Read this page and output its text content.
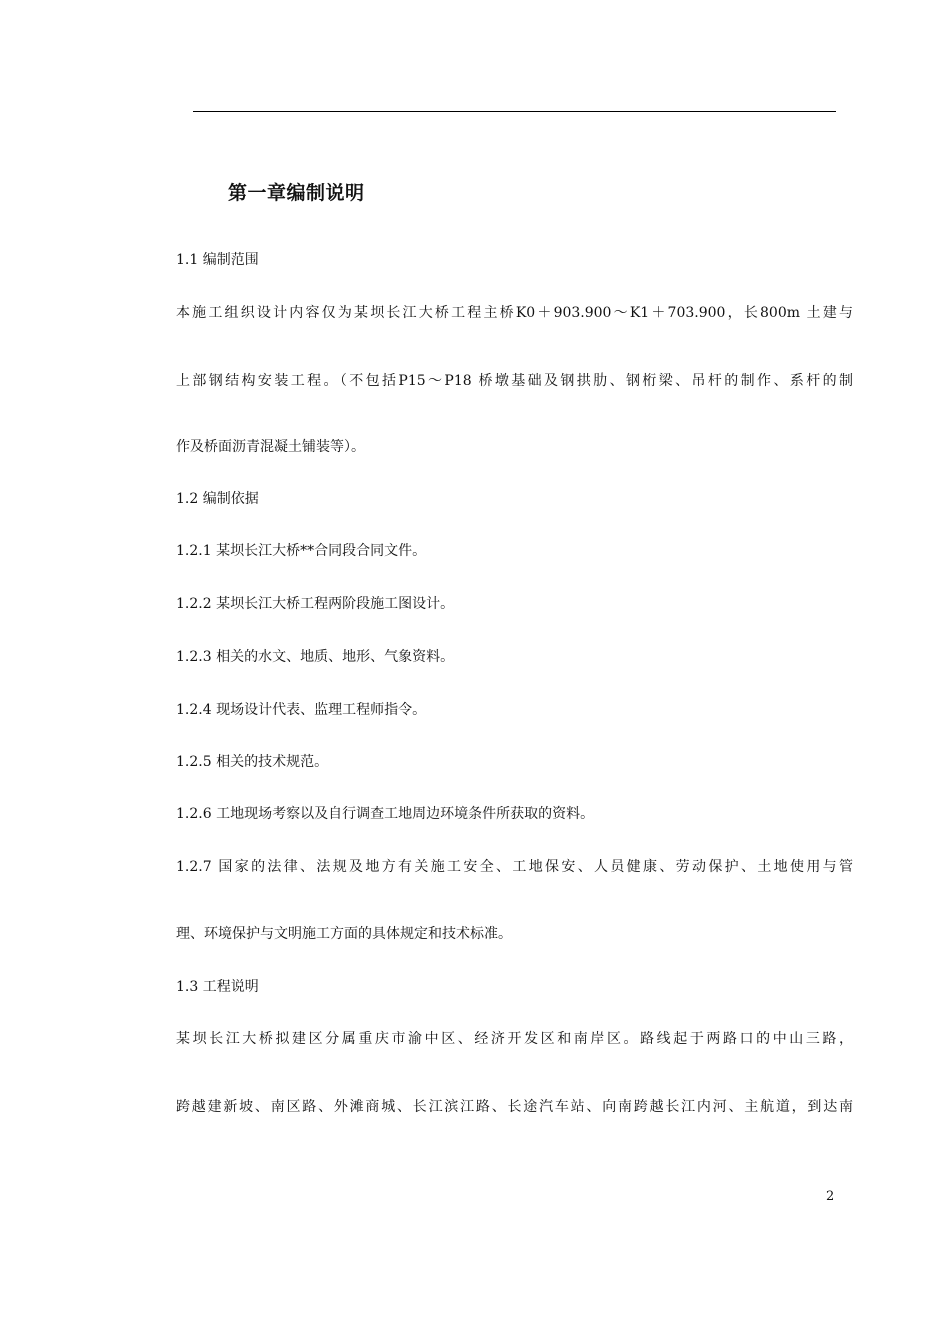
第一章编制说明
1.1 编制范围
本施工组织设计内容仅为某坝长江大桥工程主桥K0＋903.900～K1＋703.900，长800m 土建与
上部钢结构安装工程。（不包括P15～P18 桥墩基础及钢拱肋、钢桁梁、吊杆的制作、系杆的制
作及桥面沥青混凝土铺装等）。
1.2 编制依据
1.2.1 某坝长江大桥**合同段合同文件。
1.2.2 某坝长江大桥工程两阶段施工图设计。
1.2.3 相关的水文、地质、地形、气象资料。
1.2.4 现场设计代表、监理工程师指令。
1.2.5 相关的技术规范。
1.2.6 工地现场考察以及自行调查工地周边环境条件所获取的资料。
1.2.7 国家的法律、法规及地方有关施工安全、工地保安、人员健康、劳动保护、土地使用与管
理、环境保护与文明施工方面的具体规定和技术标准。
1.3 工程说明
某坝长江大桥拟建区分属重庆市渝中区、经济开发区和南岸区。路线起于两路口的中山三路，
跨越建新坡、南区路、外滩商城、长江滨江路、长途汽车站、向南跨越长江内河、主航道，到达南
2
